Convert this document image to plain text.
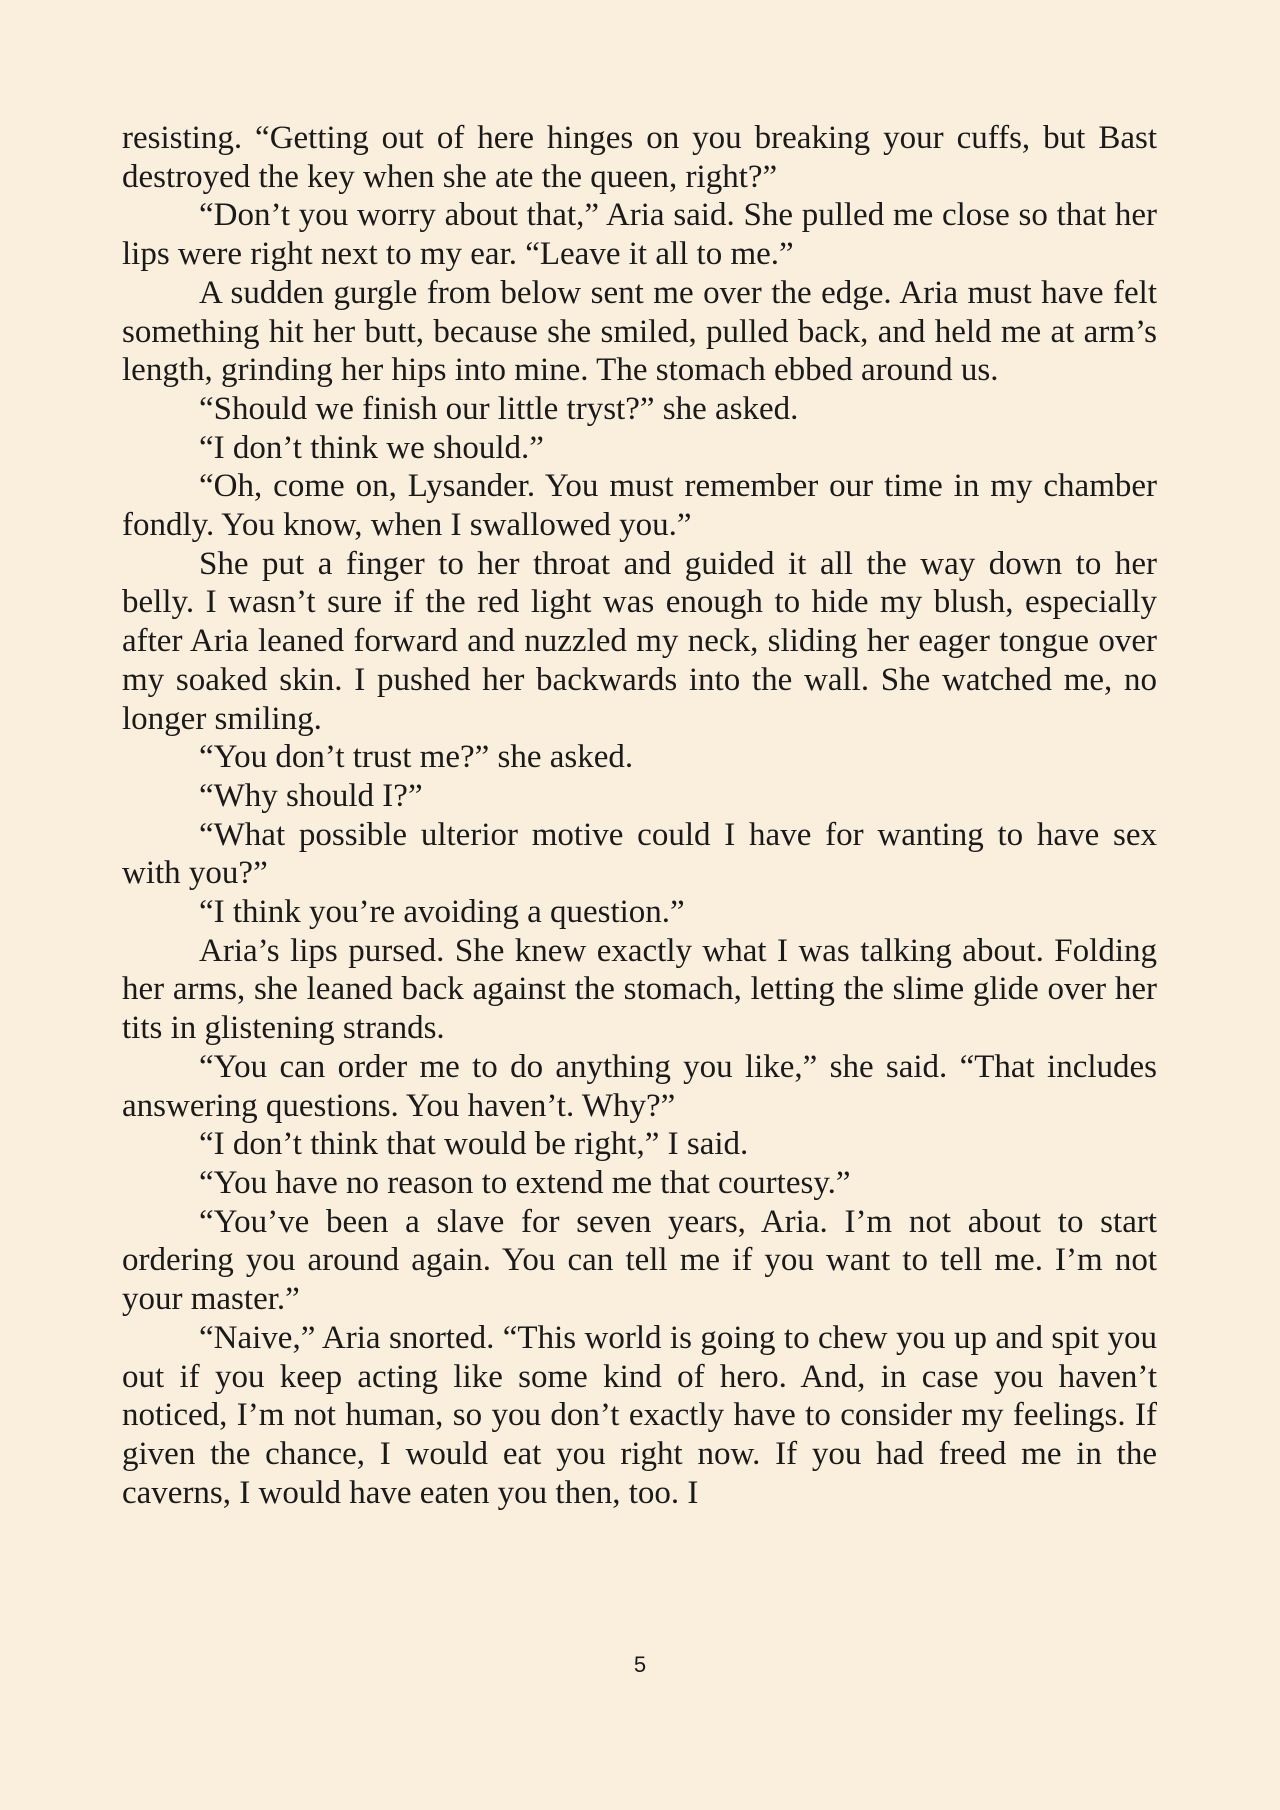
resisting. “Getting out of here hinges on you breaking your cuffs, but Bast destroyed the key when she ate the queen, right?”

“Don’t you worry about that,” Aria said. She pulled me close so that her lips were right next to my ear. “Leave it all to me.”

A sudden gurgle from below sent me over the edge. Aria must have felt something hit her butt, because she smiled, pulled back, and held me at arm’s length, grinding her hips into mine. The stomach ebbed around us.

“Should we finish our little tryst?” she asked.

“I don’t think we should.”

“Oh, come on, Lysander. You must remember our time in my chamber fondly. You know, when I swallowed you.”

She put a finger to her throat and guided it all the way down to her belly. I wasn’t sure if the red light was enough to hide my blush, especially after Aria leaned forward and nuzzled my neck, sliding her eager tongue over my soaked skin. I pushed her backwards into the wall. She watched me, no longer smiling.

“You don’t trust me?” she asked.

“Why should I?”

“What possible ulterior motive could I have for wanting to have sex with you?”

“I think you’re avoiding a question.”

Aria’s lips pursed. She knew exactly what I was talking about. Folding her arms, she leaned back against the stomach, letting the slime glide over her tits in glistening strands.

“You can order me to do anything you like,” she said. “That includes answering questions. You haven’t. Why?”

“I don’t think that would be right,” I said.

“You have no reason to extend me that courtesy.”

“You’ve been a slave for seven years, Aria. I’m not about to start ordering you around again. You can tell me if you want to tell me. I’m not your master.”

“Naive,” Aria snorted. “This world is going to chew you up and spit you out if you keep acting like some kind of hero. And, in case you haven’t noticed, I’m not human, so you don’t exactly have to consider my feelings. If given the chance, I would eat you right now. If you had freed me in the caverns, I would have eaten you then, too. I

5
